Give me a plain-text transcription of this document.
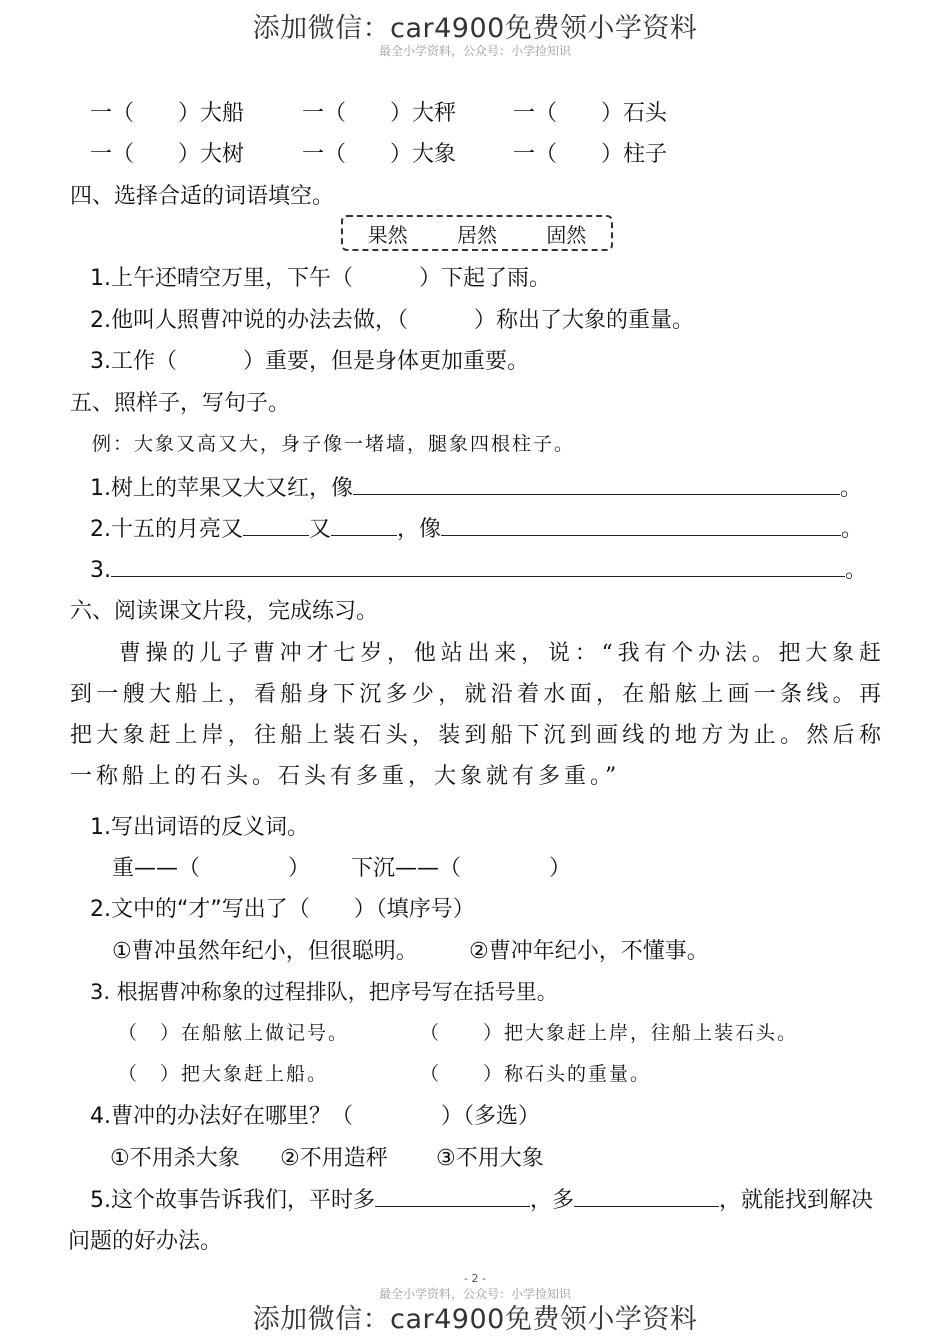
添加微信：car4900免费领小学资料
最全小学资料，公众号：小学捡知识
一（　　）大船	一（　　）大秤	一（　　）石头
一（　　）大树	一（　　）大象	一（　　）柱子
四、选择合适的词语填空。
果然 居然 固然
1.上午还晴空万里，下午（　　　）下起了雨。
2.他叫人照曹冲说的办法去做，（　　　）称出了大象的重量。
3.工作（　　　）重要，但是身体更加重要。
五、照样子，写句子。
例：大象又高又大，身子像一堵墙，腿象四根柱子。
1.树上的苹果又大又红，像	。
2.十五的月亮又	又	，像	。
3.	。
六、阅读课文片段，完成练习。
曹操的儿子曹冲才七岁，他站出来，说：“我有个办法。把大象赶到一艘大船上，看船身下沉多少，就沿着水面，在船舷上画一条线。再把大象赶上岸，往船上装石头，装到船下沉到画线的地方为止。然后称一称船上的石头。石头有多重，大象就有多重。”
1.写出词语的反义词。
重——（　　　　） 下沉——（　　　　）
2.文中的“才”写出了（　　）（填序号）
①曹冲虽然年纪小，但很聪明。 ②曹冲年纪小，不懂事。
3. 根据曹冲称象的过程排队，把序号写在括号里。
（　）在船舷上做记号。	（　　）把大象赶上岸，往船上装石头。
（　）把大象赶上船。	（　　）称石头的重量。
4.曹冲的办法好在哪里？（　　　　）（多选）
①不用杀大象 ②不用造秤 ③不用大象
5.这个故事告诉我们，平时多	，多	，就能找到解决
问题的好办法。
- 2 -
最全小学资料，公众号：小学捡知识
添加微信：car4900免费领小学资料
